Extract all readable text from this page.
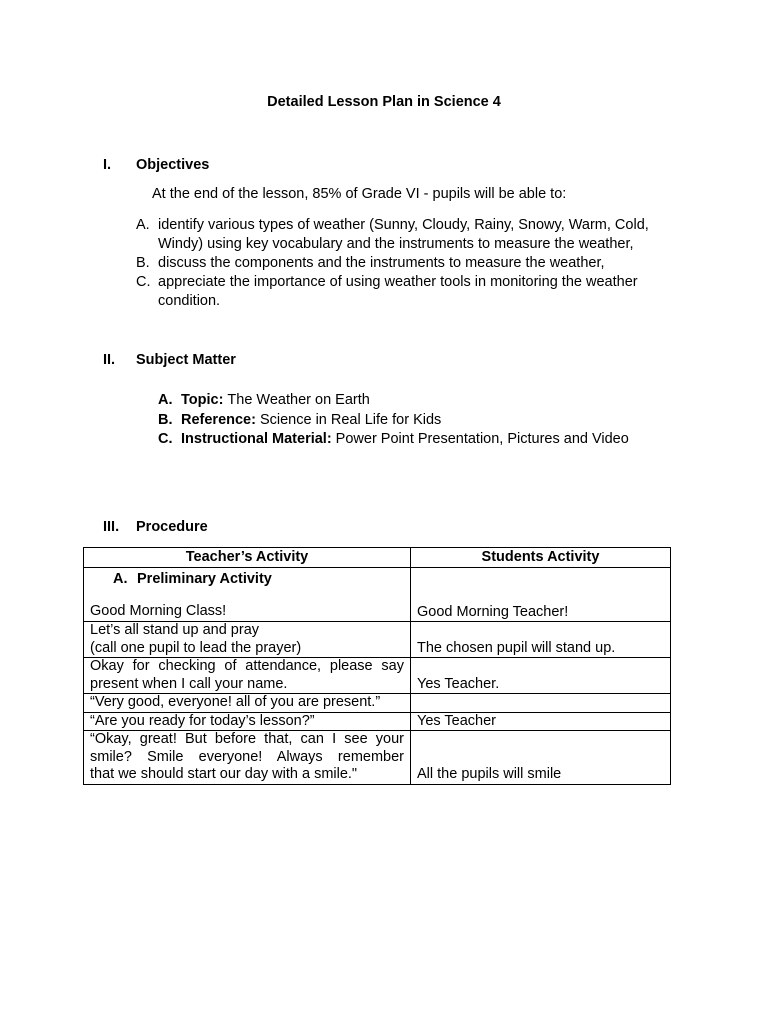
Detailed Lesson Plan in Science 4
I. Objectives
At the end of the lesson, 85% of Grade VI - pupils will be able to:
A. identify various types of weather (Sunny, Cloudy, Rainy, Snowy, Warm, Cold, Windy) using key vocabulary and the instruments to measure the weather,
B. discuss the components and the instruments to measure the weather,
C. appreciate the importance of using weather tools in monitoring the weather condition.
II. Subject Matter
A. Topic: The Weather on Earth
B. Reference: Science in Real Life for Kids
C. Instructional Material: Power Point Presentation, Pictures and Video
III. Procedure
Teacher’s Activity	Students Activity

A. Preliminary Activity
Good Morning Class!	Good Morning Teacher!

Let’s all stand up and pray
(call one pupil to lead the prayer)	The chosen pupil will stand up.

Okay for checking of attendance, please say
present when I call your name.	Yes Teacher.
“Very good, everyone! all of you are present.”	
“Are you ready for today’s lesson?”	Yes Teacher

“Okay, great! But before that, can I see your
smile? Smile everyone! Always remember
that we should start our day with a smile."	All the pupils will smile
